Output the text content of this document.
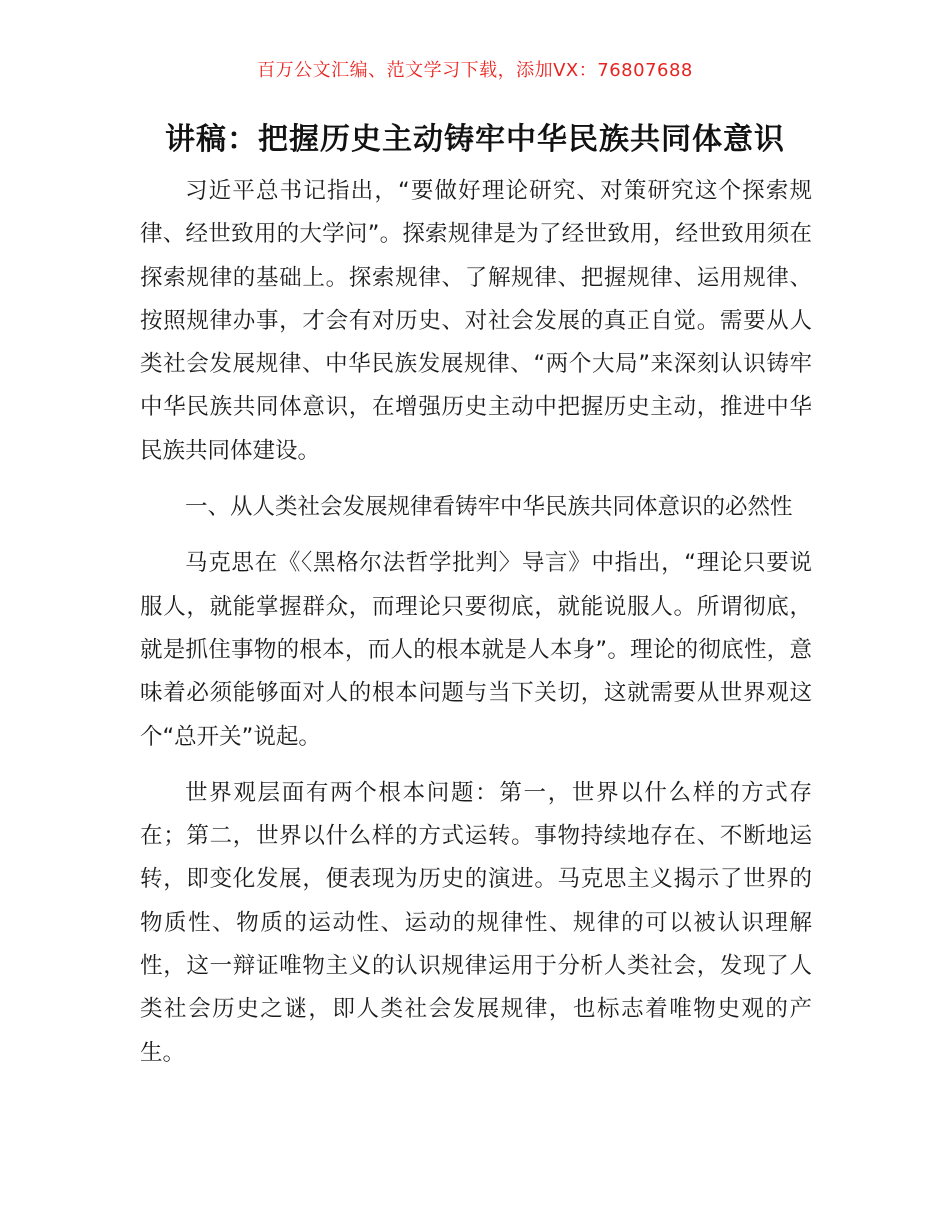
百万公文汇编、范文学习下载，添加VX：76807688
讲稿：把握历史主动铸牢中华民族共同体意识

习近平总书记指出，“要做好理论研究、对策研究这个探索规律、经世致用的大学问”。探索规律是为了经世致用，经世致用须在探索规律的基础上。探索规律、了解规律、把握规律、运用规律、按照规律办事，才会有对历史、对社会发展的真正自觉。需要从人类社会发展规律、中华民族发展规律、“两个大局”来深刻认识铸牢中华民族共同体意识，在增强历史主动中把握历史主动，推进中华民族共同体建设。

一、从人类社会发展规律看铸牢中华民族共同体意识的必然性

马克思在《〈黑格尔法哲学批判〉导言》中指出，“理论只要说服人，就能掌握群众，而理论只要彻底，就能说服人。所谓彻底，就是抓住事物的根本，而人的根本就是人本身”。理论的彻底性，意味着必须能够面对人的根本问题与当下关切，这就需要从世界观这个“总开关”说起。

世界观层面有两个根本问题：第一，世界以什么样的方式存在；第二，世界以什么样的方式运转。事物持续地存在、不断地运转，即变化发展，便表现为历史的演进。马克思主义揭示了世界的物质性、物质的运动性、运动的规律性、规律的可以被认识理解性，这一辩证唯物主义的认识规律运用于分析人类社会，发现了人类社会历史之谜，即人类社会发展规律，也标志着唯物史观的产生。
